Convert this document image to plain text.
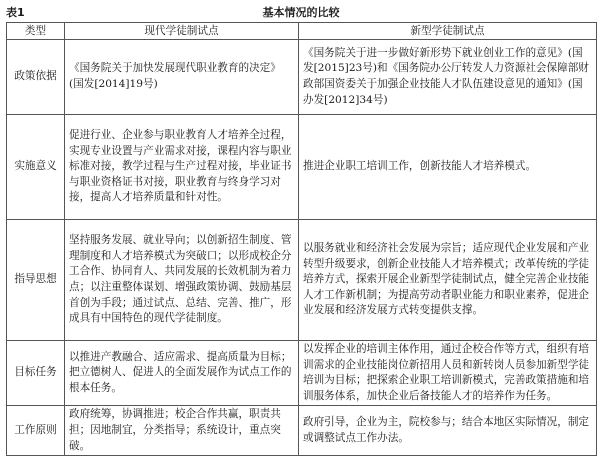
表1	基本情况的比较
类型	现代学徒制试点	新型学徒制试点
政策依据	《国务院关于加快发展现代职业教育的决定》(国发[2014]19号)	《国务院关于进一步做好新形势下就业创业工作的意见》(国发[2015]23号)和《国务院办公厅转发人力资源社会保障部财政部国资委关于加强企业技能人才队伍建设意见的通知》(国办发[2012]34号)
实施意义	促进行业、企业参与职业教育人才培养全过程，实现专业设置与产业需求对接，课程内容与职业标准对接，教学过程与生产过程对接，毕业证书与职业资格证书对接，职业教育与终身学习对接，提高人才培养质量和针对性。	推进企业职工培训工作，创新技能人才培养模式。
指导思想	坚持服务发展、就业导向；以创新招生制度、管理制度和人才培养模式为突破口；以形成校企分工合作、协同育人、共同发展的长效机制为着力点；以注重整体谋划、增强政策协调、鼓励基层首创为手段；通过试点、总结、完善、推广，形成具有中国特色的现代学徒制度。	以服务就业和经济社会发展为宗旨；适应现代企业发展和产业转型升级要求，创新企业技能人才培养模式；改革传统的学徒培养方式，探索开展企业新型学徒制试点，健全完善企业技能人才工作新机制；为提高劳动者职业能力和职业素养，促进企业发展和经济发展方式转变提供支撑。
目标任务	以推进产教融合、适应需求、提高质量为目标；把立德树人、促进人的全面发展作为试点工作的根本任务。	以发挥企业的培训主体作用，通过企校合作等方式，组织有培训需求的企业技能岗位新招用人员和新转岗人员参加新型学徒培训为目标；把探索企业职工培训新模式，完善政策措施和培训服务体系，加快企业后备技能人才的培养作为任务。
工作原则	政府统筹，协调推进；校企合作共赢，职责共担；因地制宜，分类指导；系统设计，重点突破。	政府引导，企业为主，院校参与；结合本地区实际情况，制定或调整试点工作办法。
